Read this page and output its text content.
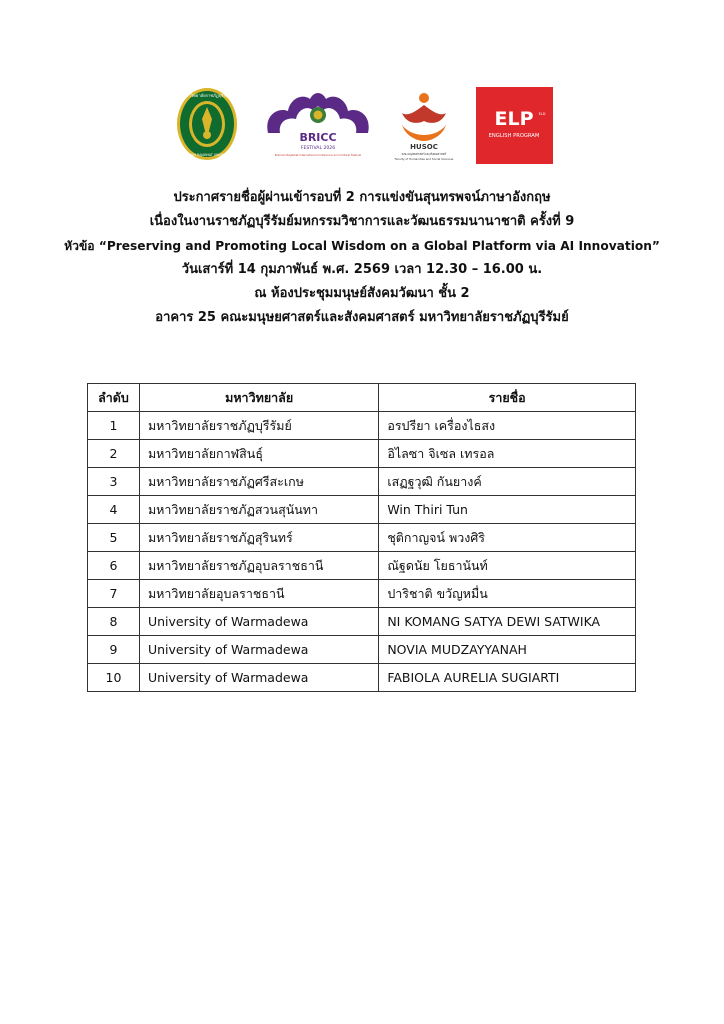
มหาวิทยาลัยราชภัฏบุรีรัมย์
BURIRAM RAJABHAT UNIVERSITY
BRICC
FESTIVAL 2026
Buriram Rajabhat International Conference and Cultural Festival
HUSOC
คณะมนุษยศาสตร์และสังคมศาสตร์
Faculty of Humanities and Social Sciences
ELP ELD
ENGLISH PROGRAM
ประกาศรายชื่อผู้ผ่านเข้ารอบที่ 2 การแข่งขันสุนทรพจน์ภาษาอังกฤษ
เนื่องในงานราชภัฏบุรีรัมย์มหกรรมวิชาการและวัฒนธรรมนานาชาติ ครั้งที่ 9
หัวข้อ “Preserving and Promoting Local Wisdom on a Global Platform via AI Innovation”
วันเสาร์ที่ 14 กุมภาพันธ์ พ.ศ. 2569 เวลา 12.30 – 16.00 น.
ณ ห้องประชุมมนุษย์สังคมวัฒนา ชั้น 2
อาคาร 25 คณะมนุษยศาสตร์และสังคมศาสตร์ มหาวิทยาลัยราชภัฏบุรีรัมย์
ลำดับ	มหาวิทยาลัย	รายชื่อ
1	มหาวิทยาลัยราชภัฏบุรีรัมย์	อรปรียา เครื่องไธสง
2	มหาวิทยาลัยกาฬสินธุ์	อิไลซา จิเซล เทรอล
3	มหาวิทยาลัยราชภัฏศรีสะเกษ	เสฏฐวุฒิ กันยางค์
4	มหาวิทยาลัยราชภัฏสวนสุนันทา	Win Thiri Tun
5	มหาวิทยาลัยราชภัฏสุรินทร์	ชุติกาญจน์ พวงศิริ
6	มหาวิทยาลัยราชภัฏอุบลราชธานี	ณัฐดนัย โยธานันท์
7	มหาวิทยาลัยอุบลราชธานี	ปาริชาติ ขวัญหมื่น
8	University of Warmadewa	NI KOMANG SATYA DEWI SATWIKA
9	University of Warmadewa	NOVIA MUDZAYYANAH
10	University of Warmadewa	FABIOLA AURELIA SUGIARTI
